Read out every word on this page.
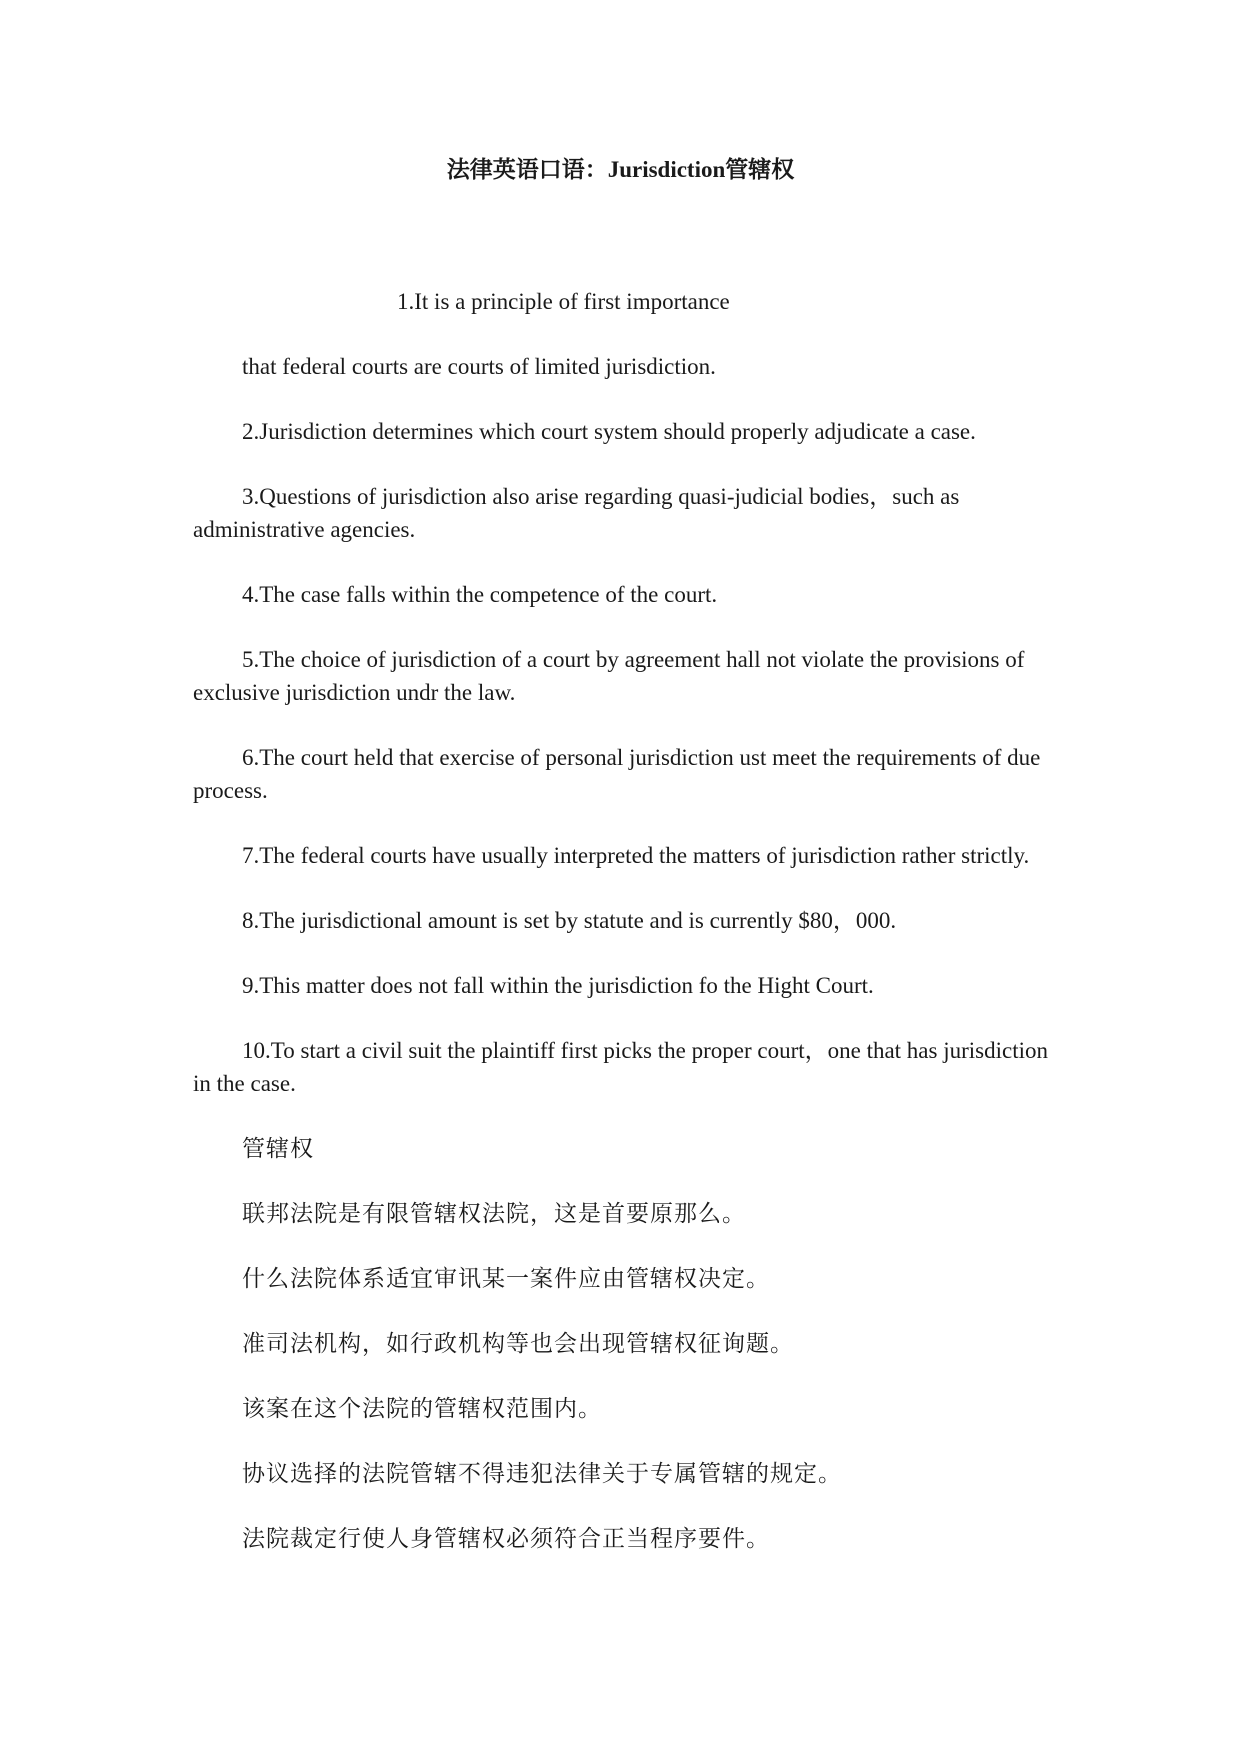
法律英语口语：Jurisdiction管辖权
1.It is a principle of first importance

that federal courts are courts of limited jurisdiction.

2.Jurisdiction determines which court system should properly adjudicate a case.

3.Questions of jurisdiction also arise regarding quasi-judicial bodies，such as administrative agencies.

4.The case falls within the competence of the court.

5.The choice of jurisdiction of a court by agreement hall not violate the provisions of exclusive jurisdiction undr the law.

6.The court held that exercise of personal jurisdiction ust meet the requirements of due process.

7.The federal courts have usually interpreted the matters of jurisdiction rather strictly.

8.The jurisdictional amount is set by statute and is currently $80，000.

9.This matter does not fall within the jurisdiction fo the Hight Court.

10.To start a civil suit the plaintiff first picks the proper court，one that has jurisdiction in the case.

管辖权

联邦法院是有限管辖权法院，这是首要原那么。

什么法院体系适宜审讯某一案件应由管辖权决定。

准司法机构，如行政机构等也会出现管辖权征询题。

该案在这个法院的管辖权范围内。

协议选择的法院管辖不得违犯法律关于专属管辖的规定。

法院裁定行使人身管辖权必须符合正当程序要件。
